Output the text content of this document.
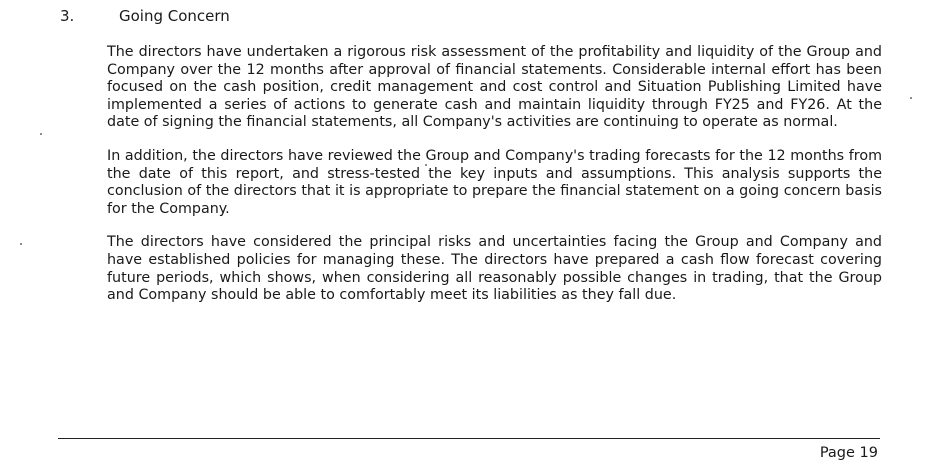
3.	Going Concern

The directors have undertaken a rigorous risk assessment of the profitability and liquidity of the Group and Company over the 12 months after approval of financial statements. Considerable internal effort has been focused on the cash position, credit management and cost control and Situation Publishing Limited have implemented a series of actions to generate cash and maintain liquidity through FY25 and FY26. At the date of signing the financial statements, all Company's activities are continuing to operate as normal.

In addition, the directors have reviewed the Group and Company's trading forecasts for the 12 months from the date of this report, and stress-tested the key inputs and assumptions. This analysis supports the conclusion of the directors that it is appropriate to prepare the financial statement on a going concern basis for the Company.

The directors have considered the principal risks and uncertainties facing the Group and Company and have established policies for managing these. The directors have prepared a cash flow forecast covering future periods, which shows, when considering all reasonably possible changes in trading, that the Group and Company should be able to comfortably meet its liabilities as they fall due.

Page 19
